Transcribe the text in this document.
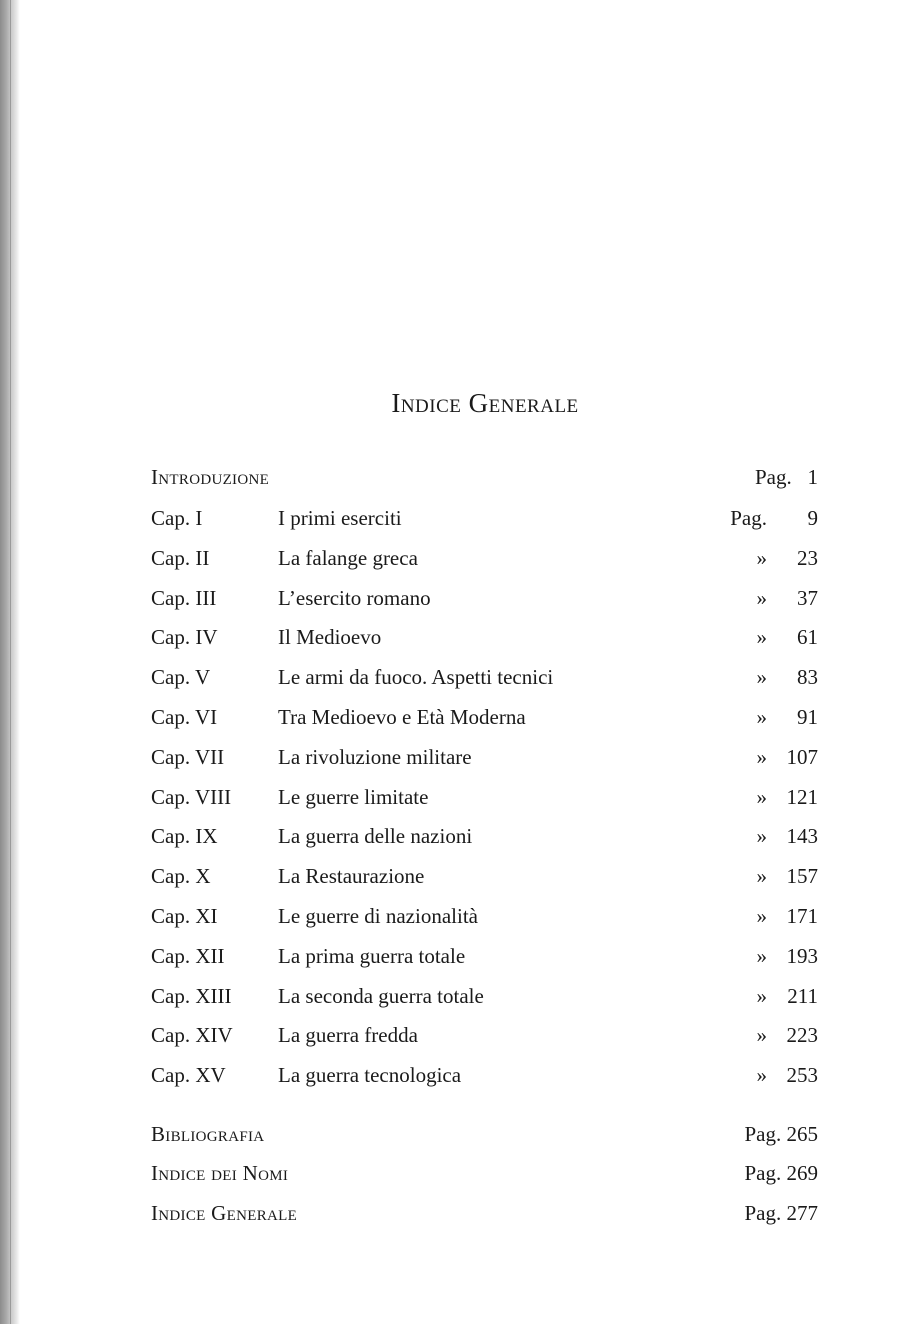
Indice Generale
Introduzione	Pag.   1
Cap. I	I primi eserciti	Pag. 9
Cap. II	La falange greca	» 23
Cap. III	L’esercito romano	» 37
Cap. IV	Il Medioevo	» 61
Cap. V	Le armi da fuoco. Aspetti tecnici	» 83
Cap. VI	Tra Medioevo e Età Moderna	» 91
Cap. VII	La rivoluzione militare	» 107
Cap. VIII Le guerre limitate	» 121
Cap. IX	La guerra delle nazioni	» 143
Cap. X	La Restaurazione	» 157
Cap. XI	Le guerre di nazionalità	» 171
Cap. XII	La prima guerra totale	» 193
Cap. XIII La seconda guerra totale	» 211
Cap. XIV La guerra fredda	» 223
Cap. XV La guerra tecnologica	» 253
Bibliografia	Pag. 265
Indice dei Nomi	Pag. 269
Indice Generale	Pag. 277
